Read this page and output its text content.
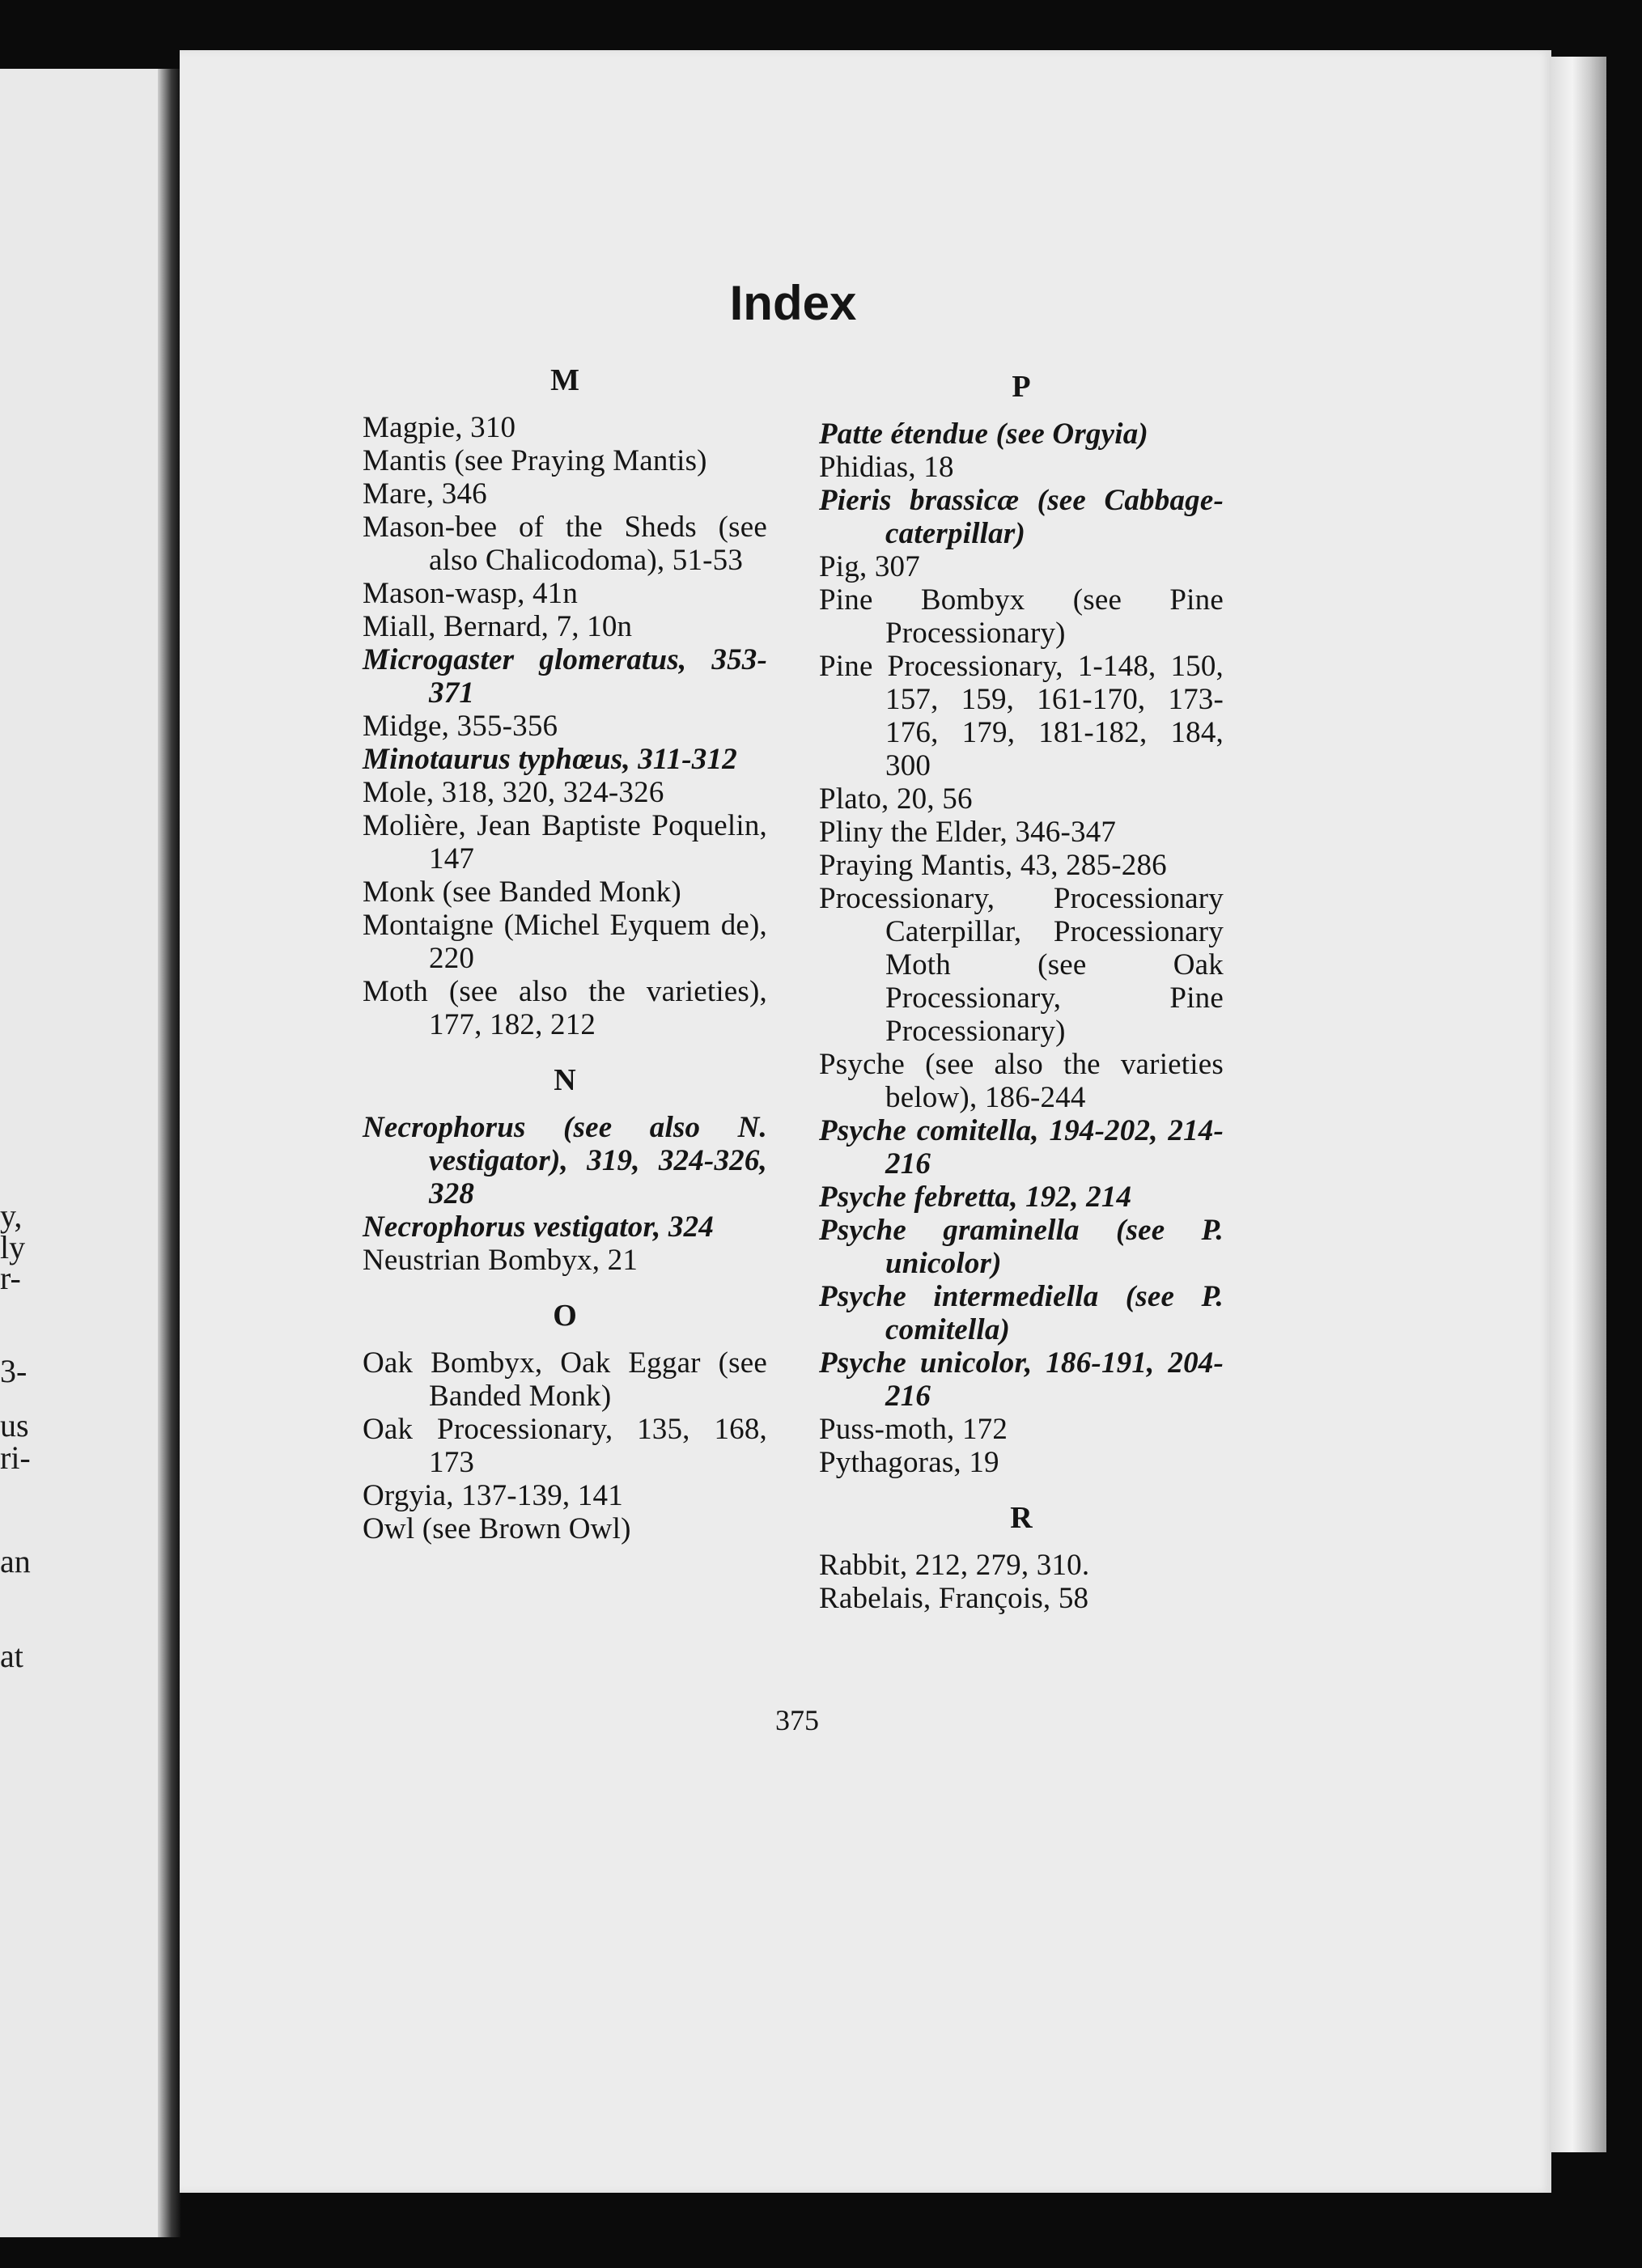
y,
ly
r-
3-
us
ri-
an
at
Index
M

Magpie, 310

Mantis (see Praying Mantis)

Mare, 346

Mason-bee of the Sheds (see also Chalicodoma), 51-53

Mason-wasp, 41n

Miall, Bernard, 7, 10n

Microgaster glomeratus, 353-371

Midge, 355-356

Minotaurus typhœus, 311-312

Mole, 318, 320, 324-326

Molière, Jean Baptiste Poquelin, 147

Monk (see Banded Monk)

Montaigne (Michel Eyquem de), 220

Moth (see also the varieties), 177, 182, 212

N

Necrophorus (see also N. vestigator), 319, 324-326, 328

Necrophorus vestigator, 324

Neustrian Bombyx, 21

O

Oak Bombyx, Oak Eggar (see Banded Monk)

Oak Processionary, 135, 168, 173

Orgyia, 137-139, 141

Owl (see Brown Owl)

P

Patte étendue (see Orgyia)

Phidias, 18

Pieris brassicæ (see Cabbage-caterpillar)

Pig, 307

Pine Bombyx (see Pine Processionary)

Pine Processionary, 1-148, 150, 157, 159, 161-170, 173-176, 179, 181-182, 184, 300

Plato, 20, 56

Pliny the Elder, 346-347

Praying Mantis, 43, 285-286

Processionary, Processionary Caterpillar, Processionary Moth (see Oak Processionary, Pine Processionary)

Psyche (see also the varieties below), 186-244

Psyche comitella, 194-202, 214-216

Psyche febretta, 192, 214

Psyche graminella (see P. unicolor)

Psyche intermediella (see P. comitella)

Psyche unicolor, 186-191, 204-216

Puss-moth, 172

Pythagoras, 19

R

Rabbit, 212, 279, 310.

Rabelais, François, 58

375
